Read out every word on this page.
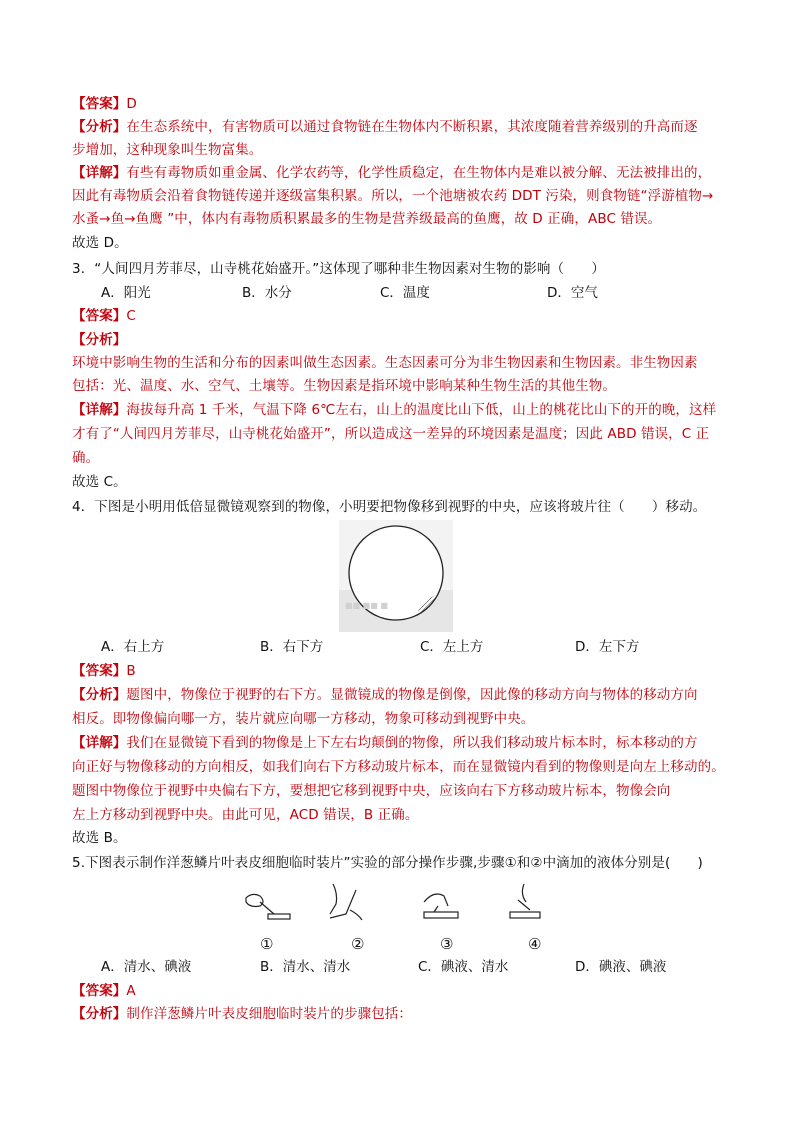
【答案】D
【分析】在生态系统中，有害物质可以通过食物链在生物体内不断积累，其浓度随着营养级别的升高而逐
步增加，这种现象叫生物富集。
【详解】有些有毒物质如重金属、化学农药等，化学性质稳定，在生物体内是难以被分解、无法被排出的，
因此有毒物质会沿着食物链传递并逐级富集积累。所以，一个池塘被农药 DDT 污染，则食物链“浮游植物→
水蚤→鱼→鱼鹰 ”中，体内有毒物质积累最多的生物是营养级最高的鱼鹰，故 D 正确，ABC 错误。
故选 D。
3．“人间四月芳菲尽，山寺桃花始盛开。”这体现了哪种非生物因素对生物的影响（　　）
A．阳光	B．水分	C．温度	D．空气
【答案】C
【分析】
环境中影响生物的生活和分布的因素叫做生态因素。生态因素可分为非生物因素和生物因素。非生物因素
包括：光、温度、水、空气、土壤等。生物因素是指环境中影响某种生物生活的其他生物。
【详解】海拔每升高 1 千米，气温下降 6℃左右，山上的温度比山下低，山上的桃花比山下的开的晚，这样
才有了“人间四月芳菲尽，山寺桃花始盛开”，所以造成这一差异的环境因素是温度；因此 ABD 错误，C 正
确。
故选 C。
4．下图是小明用低倍显微镜观察到的物像，小明要把物像移到视野的中央，应该将玻片往（　　）移动。
■■ ■■ ■
A．右上方	B．右下方	C．左上方	D．左下方
【答案】B
【分析】题图中，物像位于视野的右下方。显微镜成的物像是倒像，因此像的移动方向与物体的移动方向
相反。即物像偏向哪一方，装片就应向哪一方移动，物象可移动到视野中央。
【详解】我们在显微镜下看到的物像是上下左右均颠倒的物像，所以我们移动玻片标本时，标本移动的方
向正好与物像移动的方向相反，如我们向右下方移动玻片标本，而在显微镜内看到的物像则是向左上移动的。
题图中物像位于视野中央偏右下方，要想把它移到视野中央，应该向右下方移动玻片标本，物像会向
左上方移动到视野中央。由此可见，ACD 错误，B 正确。
故选 B。
5.下图表示制作洋葱鳞片叶表皮细胞临时装片”实验的部分操作步骤,步骤①和②中滴加的液体分别是(　　)
①	②	③	④
A．清水、碘液	B．清水、清水	C．碘液、清水	D．碘液、碘液
【答案】A
【分析】制作洋葱鳞片叶表皮细胞临时装片的步骤包括：
